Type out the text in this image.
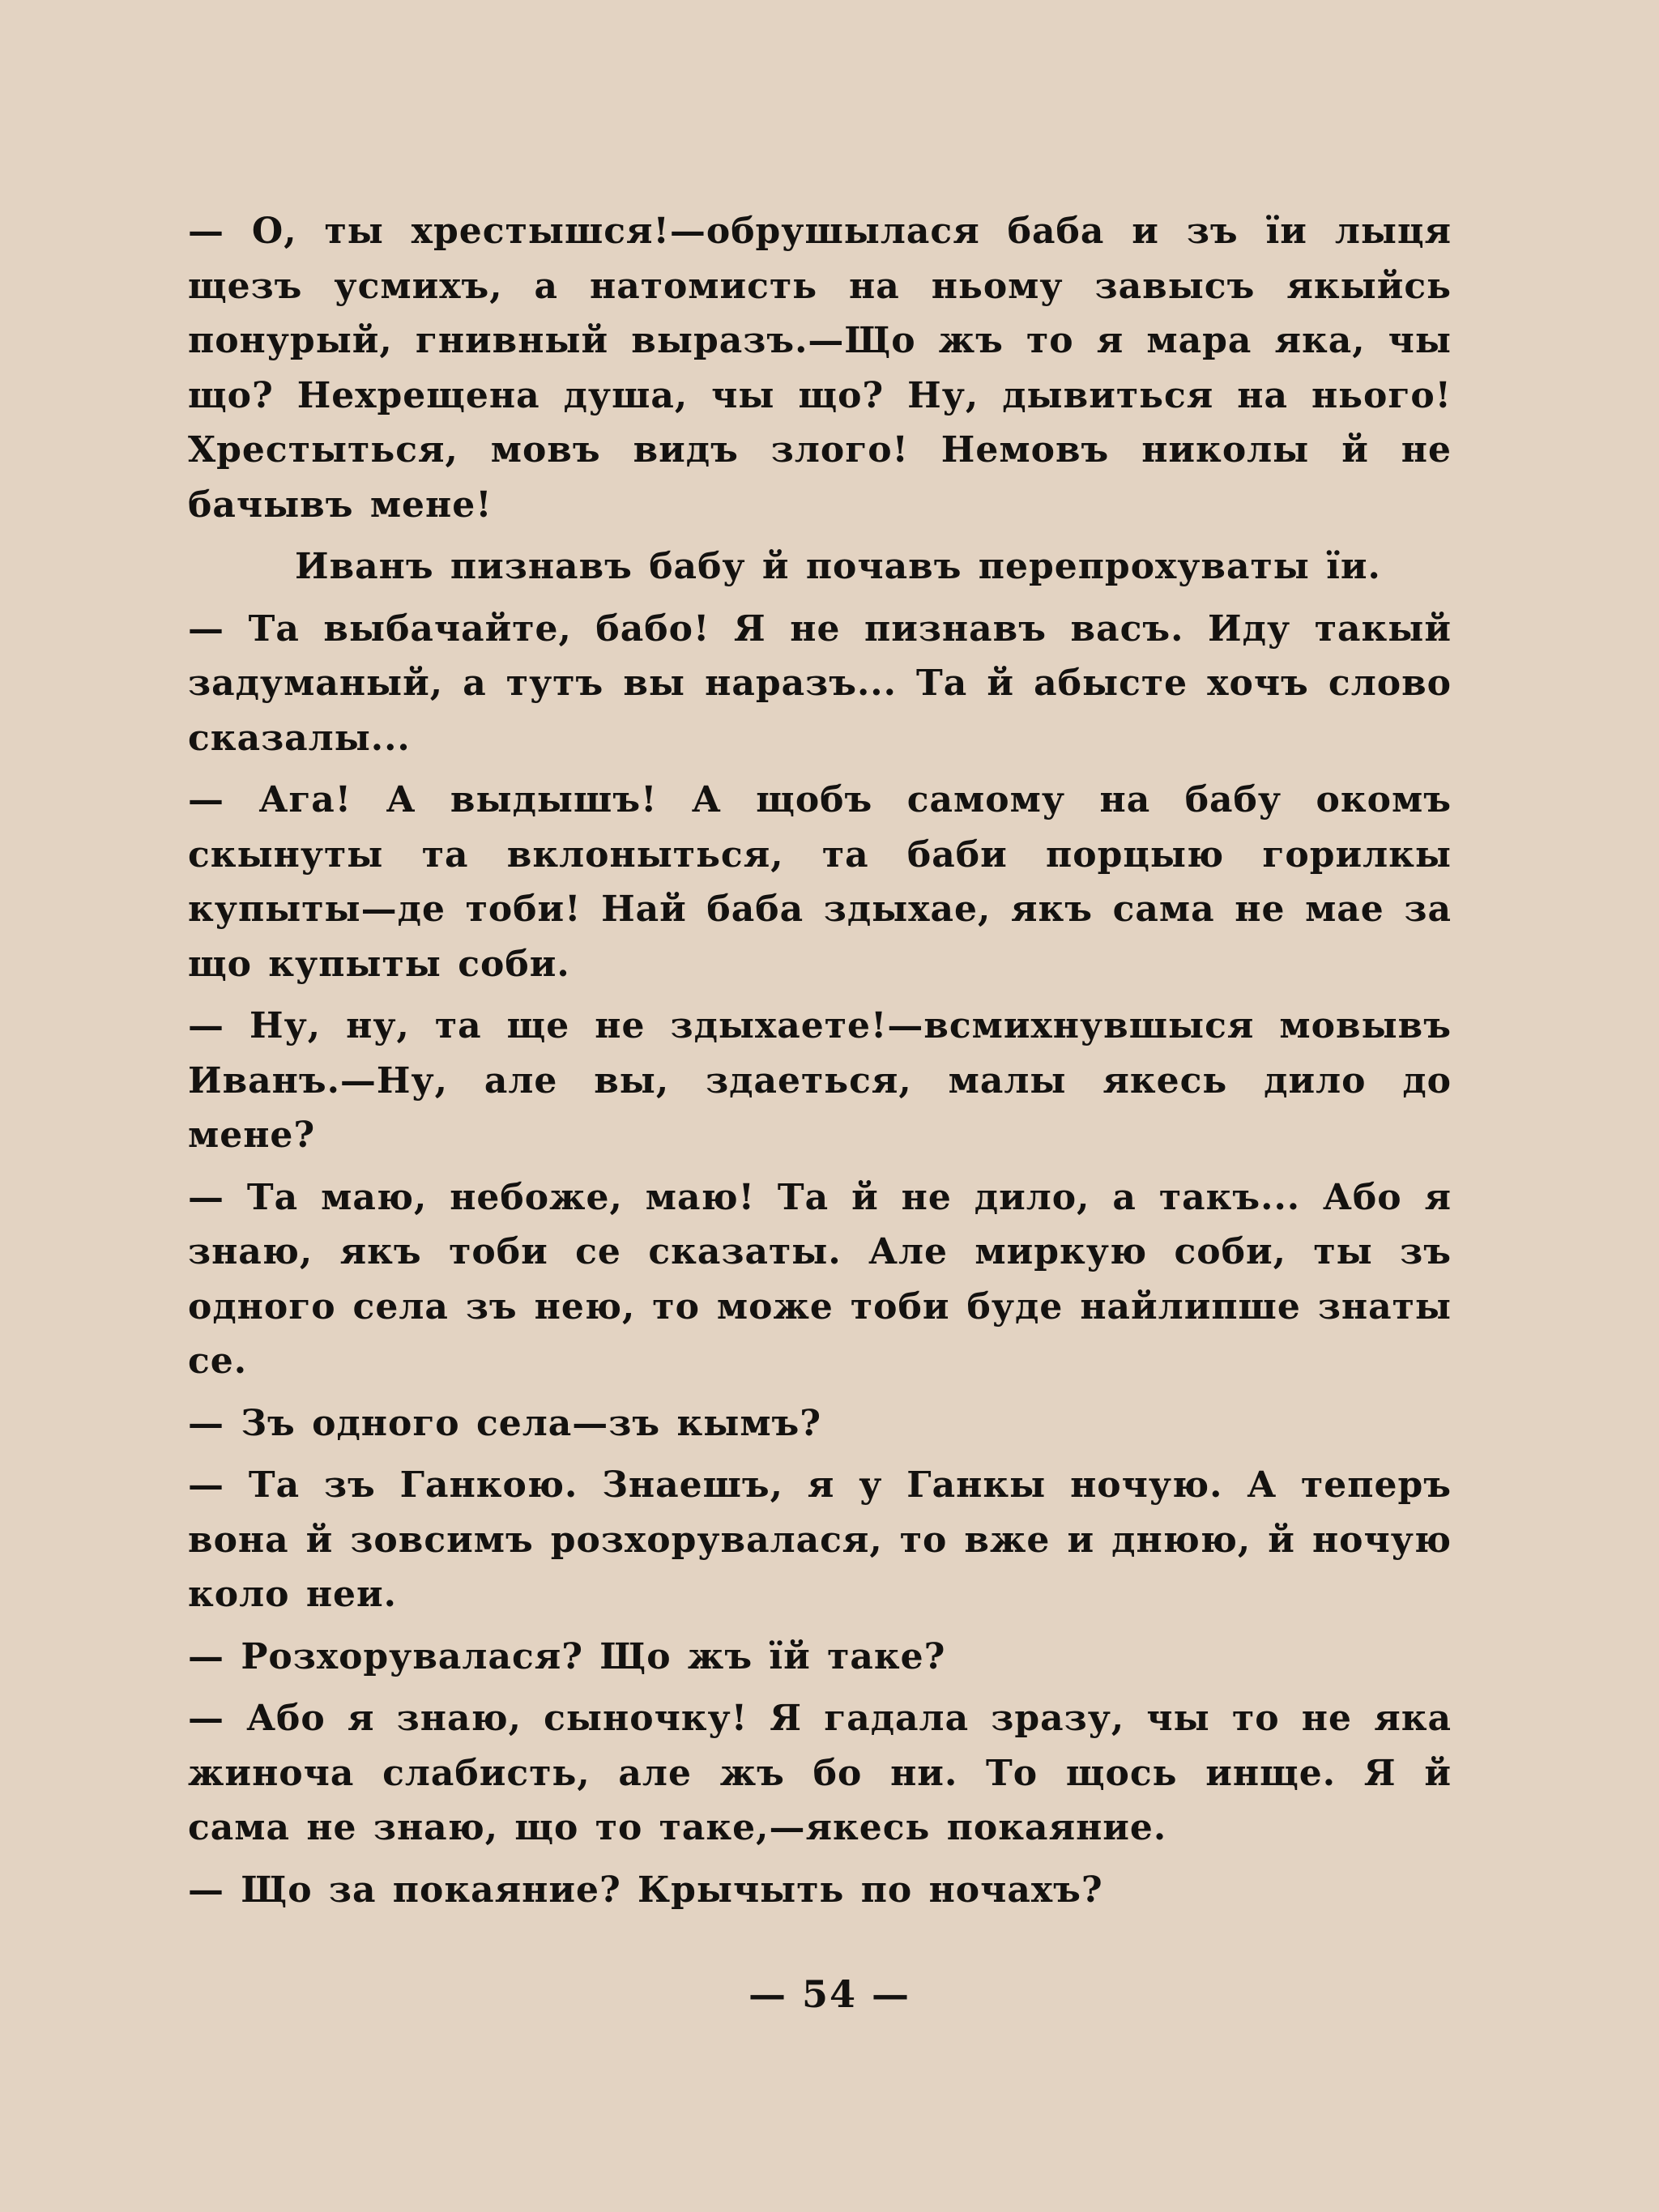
— О, ты хрестышся!—обрушылася баба и зъ їи лыця щезъ усмихъ, а натомисть на ньому завысъ якыйсь понурый, гнивный выразъ.—Що жъ то я мара яка, чы що? Нехрещена душа, чы що? Ну, дывиться на нього! Хрестыться, мовъ видъ злого! Немовъ николы й не бачывъ мене!

Иванъ пизнавъ бабу й почавъ перепрохуваты їи.

— Та выбачайте, бабо! Я не пизнавъ васъ. Иду такый задуманый, а тутъ вы наразъ... Та й абысте хочъ слово сказалы...

— Ага! А выдышъ! А щобъ самому на бабу окомъ скынуты та вклоныться, та баби порцыю горилкы купыты—де тоби! Най баба здыхае, якъ сама не мае за що купыты соби.

— Ну, ну, та ще не здыхаете!—всмихнувшыся мовывъ Иванъ.—Ну, але вы, здаеться, малы якесь дило до мене?

— Та маю, небоже, маю! Та й не дило, а такъ... Або я знаю, якъ тоби се сказаты. Але миркую соби, ты зъ одного села зъ нею, то може тоби буде найлипше знаты се.

— Зъ одного села—зъ кымъ?

— Та зъ Ганкою. Знаешъ, я у Ганкы ночую. А теперъ вона й зовсимъ розхорувалася, то вже и днюю, й ночую коло неи.

— Розхорувалася? Що жъ їй таке?

— Або я знаю, сыночку! Я гадала зразу, чы то не яка жиноча слабисть, але жъ бо ни. То щось инще. Я й сама не знаю, що то таке,—якесь покаяние.

— Що за покаяние? Крычыть по ночахъ?

— 54 —
